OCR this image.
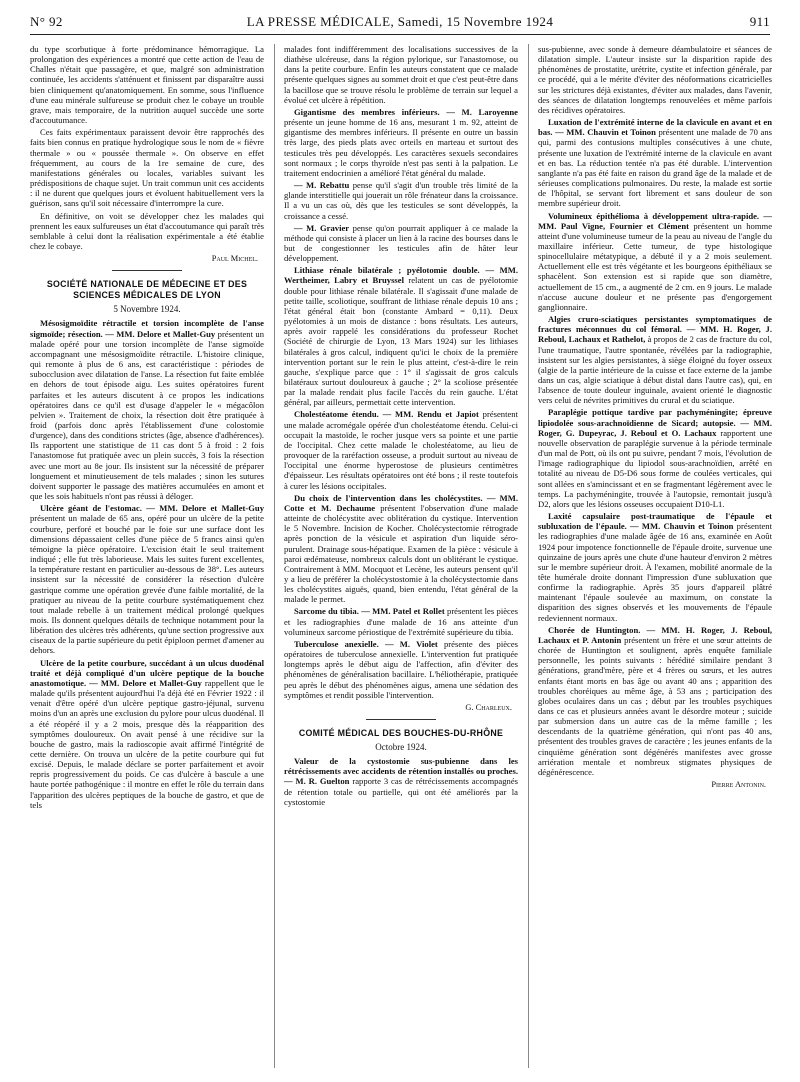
N° 92	LA PRESSE MÉDICALE, Samedi, 15 Novembre 1924	911

du type scorbutique à forte prédominance hémorragique. La prolongation des expériences a montré que cette action de l'eau de Challes n'était que passagère, et que, malgré son administration continuée, les accidents s'atténuent et finissent par disparaître aussi bien cliniquement qu'anatomiquement. En somme, sous l'influence d'une eau minérale sulfureuse se produit chez le cobaye un trouble grave, mais temporaire, de la nutrition auquel succède une sorte d'accoutumance.

Ces faits expérimentaux paraissent devoir être rapprochés des faits bien connus en pratique hydrologique sous le nom de « fièvre thermale » ou « poussée thermale ». On observe en effet fréquemment, au cours de la 1re semaine de cure, des manifestations générales ou locales, variables suivant les prédispositions de chaque sujet. Un trait commun unit ces accidents : il ne durent que quelques jours et évoluent habituellement vers la guérison, sans qu'il soit nécessaire d'interrompre la cure.

En définitive, on voit se développer chez les malades qui prennent les eaux sulfureuses un état d'accoutumance qui paraît très semblable à celui dont la réalisation expérimentale a été établie chez le cobaye.

Paul Michel.
SOCIÉTÉ NATIONALE DE MÉDECINE ET DES SCIENCES MÉDICALES DE LYON
5 Novembre 1924.

Mésosigmoïdite rétractile et torsion incomplète de l'anse sigmoïde; résection. — MM. Delore et Mallet-Guy présentent un malade opéré pour une torsion incomplète de l'anse sigmoïde accompagnant une mésosigmoïdite rétractile. L'histoire clinique, qui remonte à plus de 6 ans, est caractéristique : périodes de subocclusion avec dilatation de l'anse. La résection fut faite emblée en dehors de tout épisode aigu. Les suites opératoires furent parfaites et les auteurs discutent à ce propos les indications opératoires dans ce qu'il est d'usage d'appeler le « mégacôlon pelvien ». Traitement de choix, la résection doit être pratiquée à froid (parfois donc après l'établissement d'une colostomie d'urgence), dans des conditions strictes (âge, absence d'adhérences). Ils rapportent une statistique de 11 cas dont 5 à froid : 2 fois l'anastomose fut pratiquée avec un plein succès, 3 fois la résection avec une mort au 8e jour. Ils insistent sur la nécessité de préparer longuement et minutieusement de tels malades ; sinon les sutures doivent supporter le passage des matières accumulées en amont et que les sois habituels n'ont pas réussi à déloger.

Ulcère géant de l'estomac. — MM. Delore et Mallet-Guy présentent un malade de 65 ans, opéré pour un ulcère de la petite courbure, perforé et bouché par le foie sur une surface dont les dimensions dépassaient celles d'une pièce de 5 francs ainsi qu'en témoigne la pièce opératoire. L'excision était le seul traitement indiqué ; elle fut très laborieuse. Mais les suites furent excellentes, la température restant en particulier au-dessous de 38°. Les auteurs insistent sur la nécessité de considérer la résection d'ulcère gastrique comme une opération grevée d'une faible mortalité, de la pratiquer au niveau de la petite courbure systématiquement chez tout malade rebelle à un traitement médical prolongé quelques mois. Ils donnent quelques détails de technique notamment pour la libération des ulcères très adhérents, qu'une section progressive aux ciseaux de la partie supérieure du petit épiploon permet d'amener au dehors.

Ulcère de la petite courbure, succédant à un ulcus duodénal traité et déjà compliqué d'un ulcère peptique de la bouche anastomotique. — MM. Delore et Mallet-Guy rappellent que le malade qu'ils présentent aujourd'hui l'a déjà été en Février 1922 : il venait d'être opéré d'un ulcère peptique gastro-jéjunal, survenu moins d'un an après une exclusion du pylore pour ulcus duodénal. Il a été réopéré il y a 2 mois, presque dès la réapparition des symptômes douloureux. On avait pensé à une récidive sur la bouche de gastro, mais la radioscopie avait affirmé l'intégrité de cette dernière. On trouva un ulcère de la petite courbure qui fut excisé. Depuis, le malade déclare se porter parfaitement et avoir repris progressivement du poids. Ce cas d'ulcère à bascule a une haute portée pathogénique : il montre en effet le rôle du terrain dans l'apparition des ulcères peptiques de la bouche de gastro, et que de tels

malades font indifféremment des localisations successives de la diathèse ulcéreuse, dans la région pylorique, sur l'anastomose, ou dans la petite courbure. Enfin les auteurs constatent que ce malade présente quelques signes au sommet droit et que c'est peut-être dans la bacillose que se trouve résolu le problème de terrain sur lequel a évolué cet ulcère à répétition.

Gigantisme des membres inférieurs. — M. Laroyenne présente un jeune homme de 16 ans, mesurant 1 m. 92, atteint de gigantisme des membres inférieurs. Il présente en outre un bassin très large, des pieds plats avec orteils en marteau et surtout des testicules très peu développés. Les caractères sexuels secondaires sont normaux ; le corps thyroïde n'est pas senti à la palpation. Le traitement endocrinien a amélioré l'état général du malade.

— M. Rebattu pense qu'il s'agit d'un trouble très limité de la glande interstitielle qui jouerait un rôle frénateur dans la croissance. Il a vu un cas où, dès que les testicules se sont développés, la croissance a cessé.

— M. Gravier pense qu'on pourrait appliquer à ce malade la méthode qui consiste à placer un lien à la racine des bourses dans le but de congestionner les testicules afin de hâter leur développement.

Lithiase rénale bilatérale ; pyélotomie double. — MM. Wertheimer, Labry et Bruyssel relatent un cas de pyélotomie double pour lithiase rénale bilatérale. Il s'agissait d'une malade de petite taille, scoliotique, souffrant de lithiase rénale depuis 10 ans ; l'état général était bon (constante Ambard = 0,11). Deux pyélotomies à un mois de distance : bons résultats. Les auteurs, après avoir rappelé les considérations du professeur Rochet (Société de chirurgie de Lyon, 13 Mars 1924) sur les lithiases bilatérales à gros calcul, indiquent qu'ici le choix de la première intervention portant sur le rein le plus atteint, c'est-à-dire le rein gauche, s'explique parce que : 1° il s'agissait de gros calculs bilatéraux surtout douloureux à gauche ; 2° la scoliose présentée par la malade rendait plus facile l'accès du rein gauche. L'état général, par ailleurs, permettait cette intervention.

Cholestéatome étendu. — MM. Rendu et Japiot présentent une malade acromégale opérée d'un cholestéatome étendu. Celui-ci occupait la mastoïde, le rocher jusque vers sa pointe et une partie de l'occipital. Chez cette malade le cholestéatome, au lieu de provoquer de la raréfaction osseuse, a produit surtout au niveau de l'occipital une énorme hyperostose de plusieurs centimètres d'épaisseur. Les résultats opératoires ont été bons ; il reste toutefois à curer les lésions occipitales.

Du choix de l'intervention dans les cholécystites. — MM. Cotte et M. Dechaume présentent l'observation d'une malade atteinte de cholécystite avec oblitération du cystique. Intervention le 5 Novembre. Incision de Kocher. Cholécystectomie rétrograde après ponction de la vésicule et aspiration d'un liquide séro-purulent. Drainage sous-hépatique. Examen de la pièce : vésicule à paroi œdémateuse, nombreux calculs dont un oblitérant le cystique. Contrairement à MM. Mocquot et Lecène, les auteurs pensent qu'il y a lieu de préférer la cholécystostomie à la cholécystectomie dans les cholécystites aiguës, quand, bien entendu, l'état général de la malade le permet.

Sarcome du tibia. — MM. Patel et Rollet présentent les pièces et les radiographies d'une malade de 16 ans atteinte d'un volumineux sarcome périostique de l'extrémité supérieure du tibia.

Tuberculose anexielle. — M. Violet présente des pièces opératoires de tuberculose annexielle. L'intervention fut pratiquée longtemps après le début aigu de l'affection, afin d'éviter des phénomènes de généralisation bacillaire. L'héliothérapie, pratiquée peu après le début des phénomènes aigus, amena une sédation des symptômes et rendit possible l'intervention.

G. Charleux.
COMITÉ MÉDICAL DES BOUCHES-DU-RHÔNE
Octobre 1924.

Valeur de la cystostomie sus-pubienne dans les rétrécissements avec accidents de rétention installés ou proches. — M. R. Guelton rapporte 3 cas de rétrécissements accompagnés de rétention totale ou partielle, qui ont été améliorés par la cystostomie

sus-pubienne, avec sonde à demeure déambulatoire et séances de dilatation simple. L'auteur insiste sur la disparition rapide des phénomènes de prostatite, urétrite, cystite et infection générale, par ce procédé, qui a le mérite d'éviter des néoformations cicatricielles sur les strictures déjà existantes, d'éviter aux malades, dans l'avenir, des séances de dilatation longtemps renouvelées et même parfois des récidives opératoires.

Luxation de l'extrémité interne de la clavicule en avant et en bas. — MM. Chauvin et Toinon présentent une malade de 70 ans qui, parmi des contusions multiples consécutives à une chute, présente une luxation de l'extrémité interne de la clavicule en avant et en bas. La réduction tentée n'a pas été durable. L'intervention sanglante n'a pas été faite en raison du grand âge de la malade et de sérieuses complications pulmonaires. Du reste, la malade est sortie de l'hôpital, se servant fort librement et sans douleur de son membre supérieur droit.

Volumineux épithélioma à développement ultra-rapide. — MM. Paul Vigne, Fournier et Clément présentent un homme atteint d'une volumineuse tumeur de la peau au niveau de l'angle du maxillaire inférieur. Cette tumeur, de type histologique spinocellulaire métatypique, a débuté il y a 2 mois seulement. Actuellement elle est très végétante et les bourgeons épithéliaux se sphacèlent. Son extension est si rapide que son diamètre, actuellement de 15 cm., a augmenté de 2 cm. en 9 jours. Le malade n'accuse aucune douleur et ne présente pas d'engorgement ganglionnaire.

Algies cruro-sciatiques persistantes symptomatiques de fractures méconnues du col fémoral. — MM. H. Roger, J. Reboul, Lachaux et Rathelot, à propos de 2 cas de fracture du col, l'une traumatique, l'autre spontanée, révélées par la radiographie, insistent sur les algies persistantes, à siège éloigné du foyer osseux (algie de la partie intérieure de la cuisse et face externe de la jambe dans un cas, algie sciatique à début distal dans l'autre cas), qui, en l'absence de toute douleur inguinale, avaient orienté le diagnostic vers celui de névrites primitives du crural et du sciatique.

Paraplégie pottique tardive par pachyméningite; épreuve lipiodolée sous-arachnoïdienne de Sicard; autopsie. — MM. Roger, G. Dupeyrac, J. Reboul et O. Lachaux rapportent une nouvelle observation de paraplégie survenue à la période terminale d'un mal de Pott, où ils ont pu suivre, pendant 7 mois, l'évolution de l'image radiographique du lipiodol sous-arachnoïdien, arrêté en totalité au niveau de D5-D6 sous forme de coulées verticales, qui sont allées en s'amincissant et en se fragmentant légèrement avec le temps. La pachyméningite, trouvée à l'autopsie, remontait jusqu'à D2, alors que les lésions osseuses occupaient D10-L1.

Laxité capsulaire post-traumatique de l'épaule et subluxation de l'épaule. — MM. Chauvin et Toinon présentent les radiographies d'une malade âgée de 16 ans, examinée en Août 1924 pour impotence fonctionnelle de l'épaule droite, survenue une quinzaine de jours après une chute d'une hauteur d'environ 2 mètres sur le membre supérieur droit. À l'examen, mobilité anormale de la tête humérale droite donnant l'impression d'une subluxation que confirme la radiographie. Après 35 jours d'appareil plâtré maintenant l'épaule soulevée au maximum, on constate la disparition des signes observés et les mouvements de l'épaule redeviennent normaux.

Chorée de Huntington. — MM. H. Roger, J. Reboul, Lachaux et P. Antonin présentent un frère et une sœur atteints de chorée de Huntington et soulignent, après enquête familiale personnelle, les points suivants : hérédité similaire pendant 3 générations, grand'mère, père et 4 frères ou sœurs, et les autres enfants étant morts en bas âge ou avant 40 ans ; apparition des troubles choréiques au même âge, à 53 ans ; participation des globes oculaires dans un cas ; début par les troubles psychiques dans ce cas et plusieurs années avant le désordre moteur ; suicide par submersion dans un autre cas de la même famille ; les descendants de la quatrième génération, qui n'ont pas 40 ans, présentent des troubles graves de caractère ; les jeunes enfants de la cinquième génération sont dégénérés manifestes avec grosse arriération mentale et nombreux stigmates physiques de dégénérescence.

Pierre Antonin.
